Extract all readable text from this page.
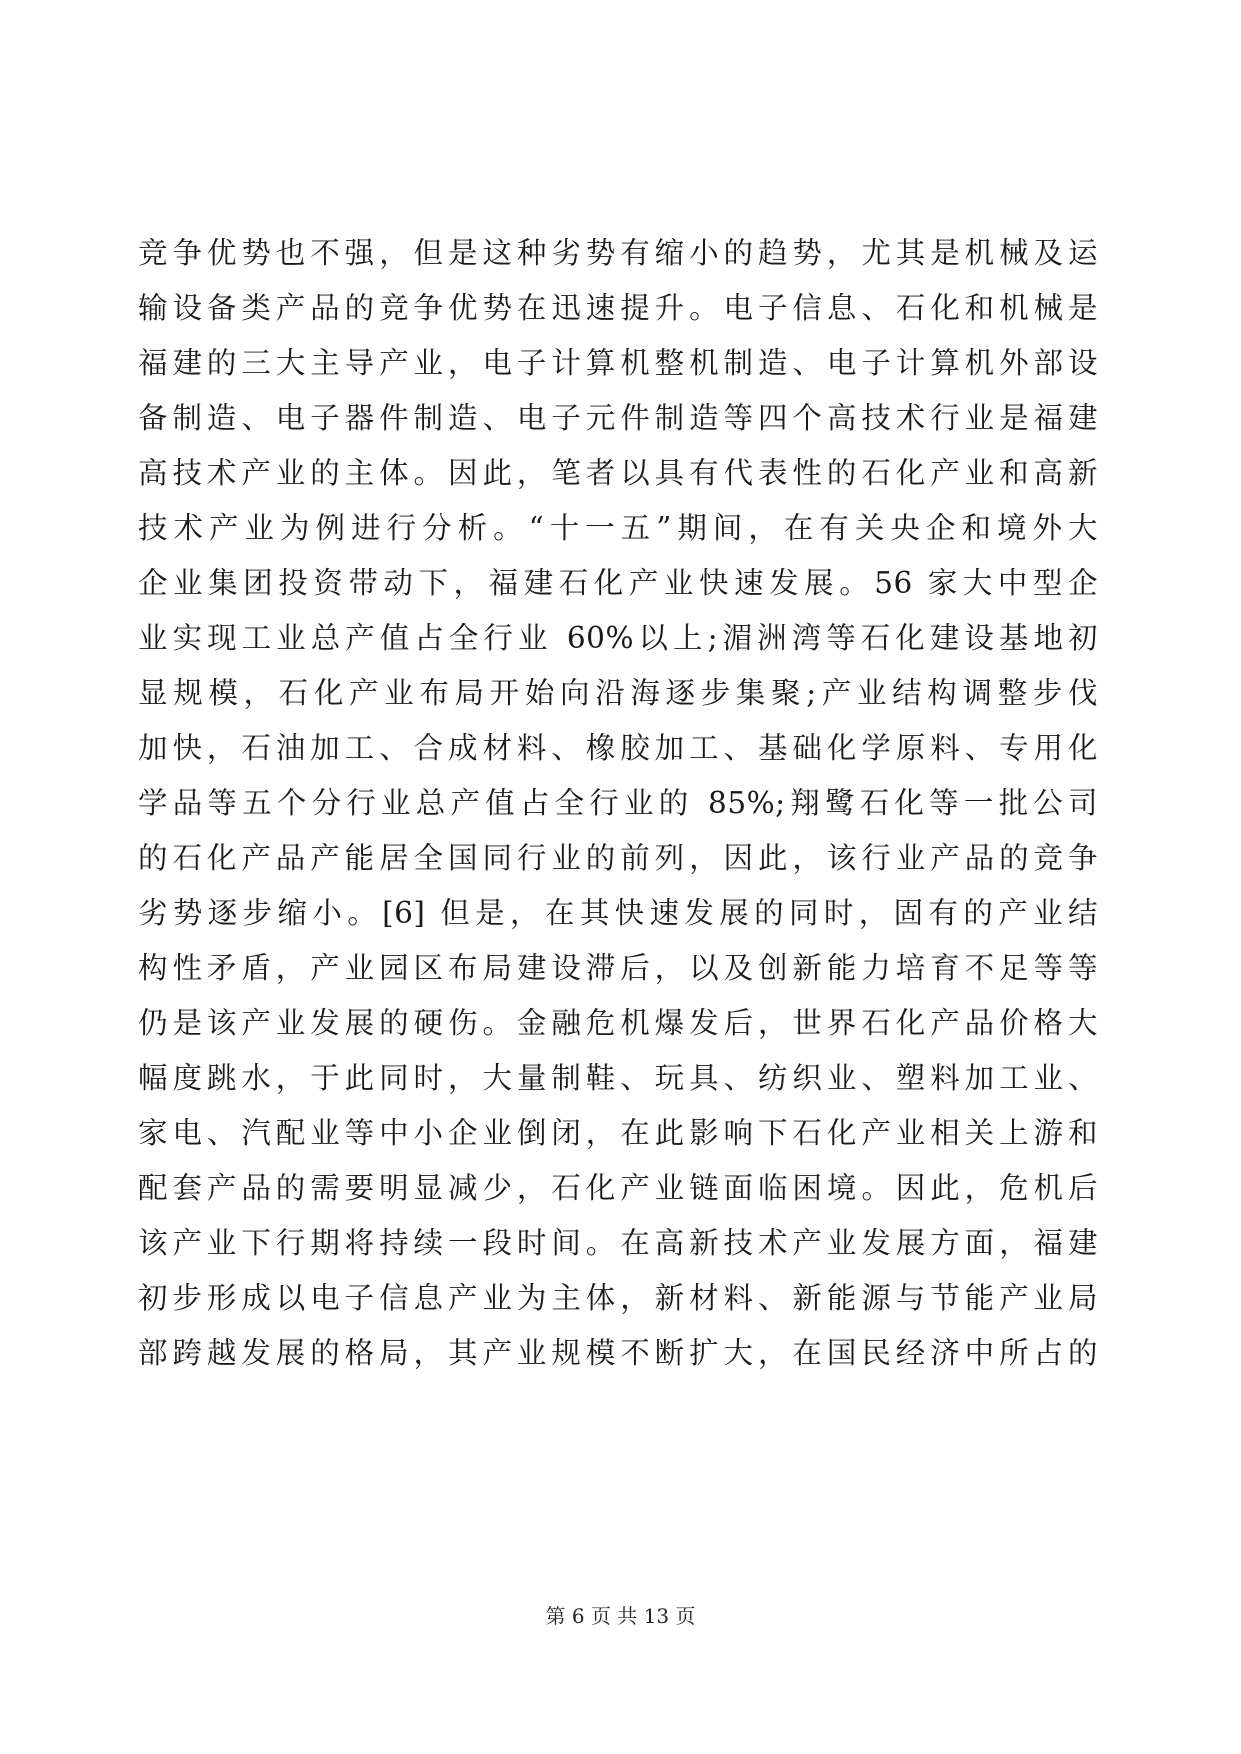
竞争优势也不强，但是这种劣势有缩小的趋势，尤其是机械及运
输设备类产品的竞争优势在迅速提升。电子信息、石化和机械是
福建的三大主导产业，电子计算机整机制造、电子计算机外部设
备制造、电子器件制造、电子元件制造等四个高技术行业是福建
高技术产业的主体。因此，笔者以具有代表性的石化产业和高新
技术产业为例进行分析。“十一五”期间，在有关央企和境外大
企业集团投资带动下，福建石化产业快速发展。56 家大中型企
业实现工业总产值占全行业 60%以上;湄洲湾等石化建设基地初
显规模，石化产业布局开始向沿海逐步集聚;产业结构调整步伐
加快，石油加工、合成材料、橡胶加工、基础化学原料、专用化
学品等五个分行业总产值占全行业的 85%;翔鹭石化等一批公司
的石化产品产能居全国同行业的前列，因此，该行业产品的竞争
劣势逐步缩小。[6] 但是，在其快速发展的同时，固有的产业结
构性矛盾，产业园区布局建设滞后，以及创新能力培育不足等等
仍是该产业发展的硬伤。金融危机爆发后，世界石化产品价格大
幅度跳水，于此同时，大量制鞋、玩具、纺织业、塑料加工业、
家电、汽配业等中小企业倒闭，在此影响下石化产业相关上游和
配套产品的需要明显减少，石化产业链面临困境。因此，危机后
该产业下行期将持续一段时间。在高新技术产业发展方面，福建
初步形成以电子信息产业为主体，新材料、新能源与节能产业局
部跨越发展的格局，其产业规模不断扩大，在国民经济中所占的
第 6 页 共 13 页
